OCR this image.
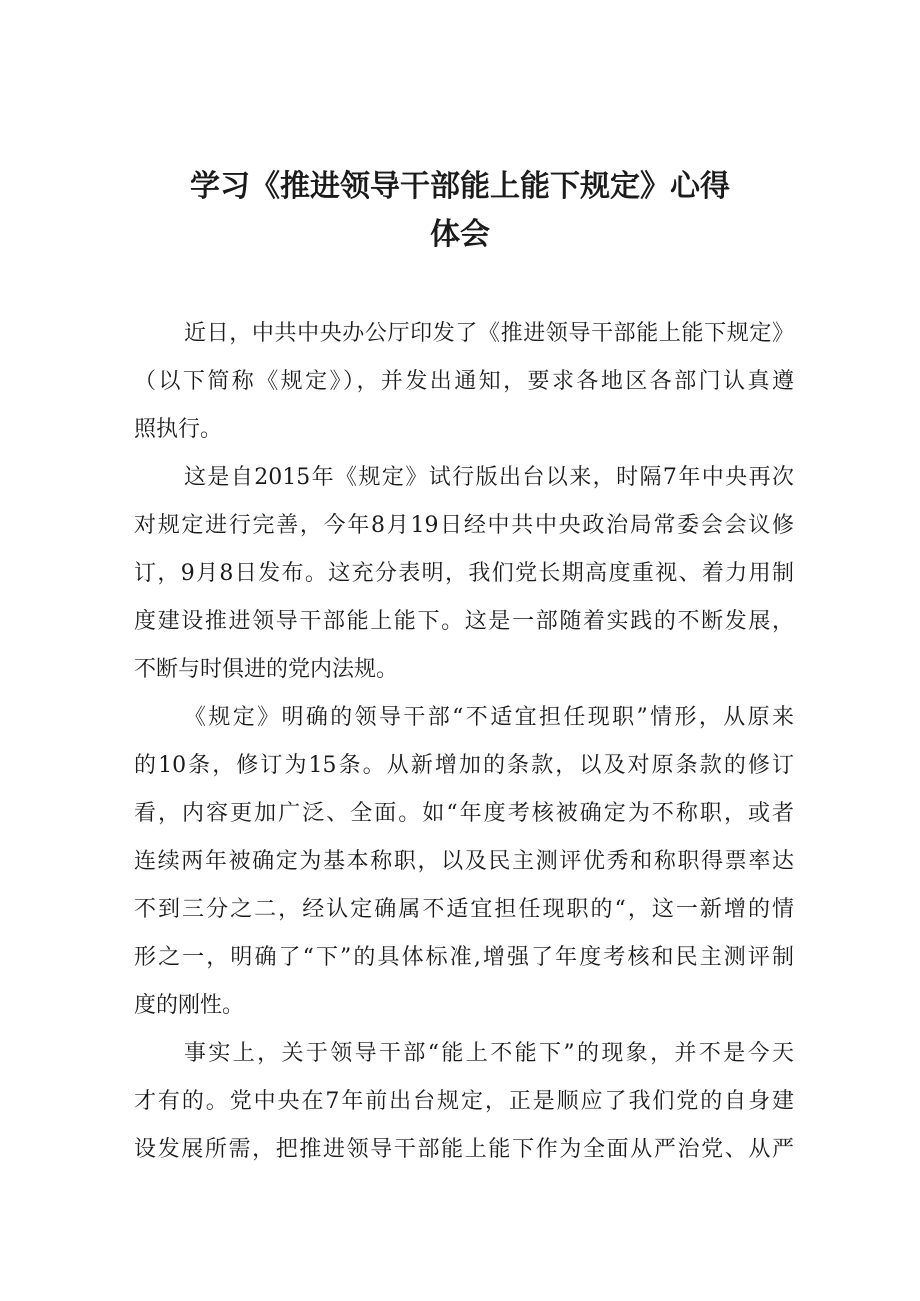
学习《推进领导干部能上能下规定》心得
体会
近日，中共中央办公厅印发了《推进领导干部能上能下规定》
（以下简称《规定》），并发出通知，要求各地区各部门认真遵
照执行。
这是自2015年《规定》试行版出台以来，时隔7年中央再次
对规定进行完善，今年8月19日经中共中央政治局常委会会议修
订，9月8日发布。这充分表明，我们党长期高度重视、着力用制
度建设推进领导干部能上能下。这是一部随着实践的不断发展，
不断与时俱进的党内法规。
《规定》明确的领导干部“不适宜担任现职”情形，从原来
的10条，修订为15条。从新增加的条款，以及对原条款的修订
看，内容更加广泛、全面。如“年度考核被确定为不称职，或者
连续两年被确定为基本称职，以及民主测评优秀和称职得票率达
不到三分之二，经认定确属不适宜担任现职的“，这一新增的情
形之一，明确了“下”的具体标准,增强了年度考核和民主测评制
度的刚性。
事实上，关于领导干部“能上不能下”的现象，并不是今天
才有的。党中央在7年前出台规定，正是顺应了我们党的自身建
设发展所需，把推进领导干部能上能下作为全面从严治党、从严
